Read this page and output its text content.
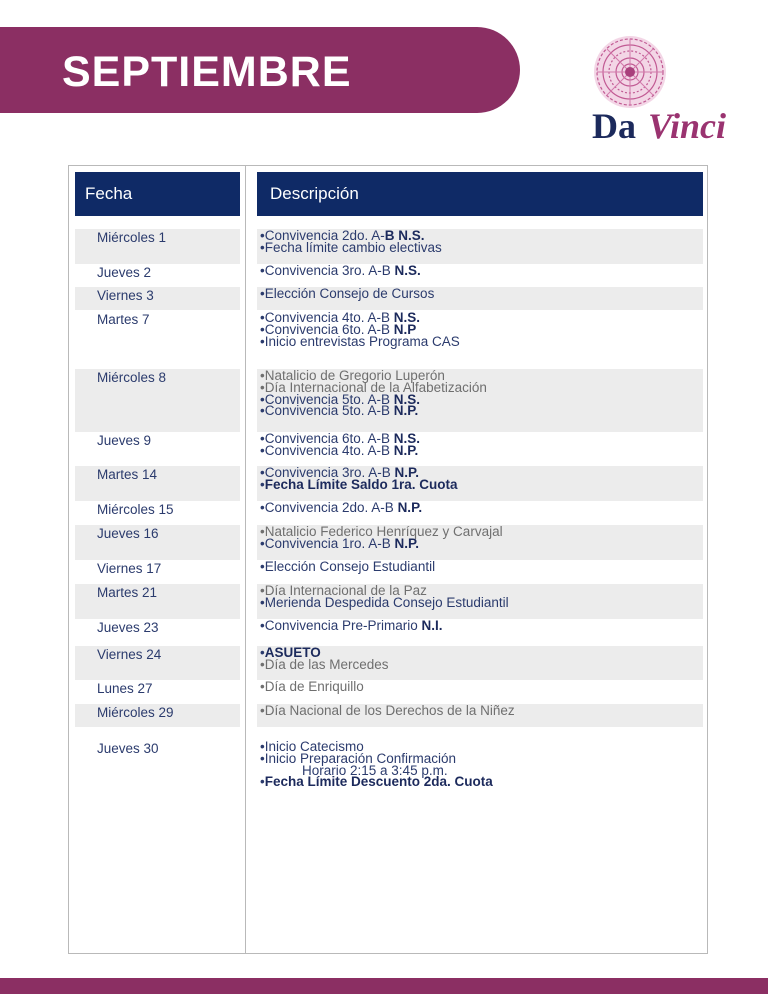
SEPTIEMBRE
Da Vinci
Fecha	Descripción
Miércoles 1	•Convivencia 2do. A-B N.S.
•Fecha límite cambio electivas
Jueves 2	•Convivencia 3ro. A-B N.S.
Viernes 3	•Elección Consejo de Cursos
Martes 7	•Convivencia 4to. A-B N.S.
•Convivencia 6to. A-B N.P
•Inicio entrevistas Programa CAS
Miércoles 8	•Natalicio de Gregorio Luperón
•Día Internacional de la Alfabetización
•Convivencia 5to. A-B N.S.
•Convivencia 5to. A-B N.P.
Jueves 9	•Convivencia 6to. A-B N.S.
•Convivencia 4to. A-B N.P.
Martes 14	•Convivencia 3ro. A-B N.P.
•Fecha Límite Saldo 1ra. Cuota
Miércoles 15	•Convivencia 2do. A-B N.P.
Jueves 16	•Natalicio Federico Henríquez y Carvajal
•Convivencia 1ro. A-B N.P.
Viernes 17	•Elección Consejo Estudiantil
Martes 21	•Día Internacional de la Paz
•Merienda Despedida Consejo Estudiantil
Jueves 23	•Convivencia Pre-Primario N.I.
Viernes 24	•ASUETO
•Día de las Mercedes
Lunes 27	•Día de Enriquillo
Miércoles 29	•Día Nacional de los Derechos de la Niñez
Jueves 30	•Inicio Catecismo
•Inicio Preparación Confirmación
Horario 2:15 a 3:45 p.m.
•Fecha Límite Descuento 2da. Cuota
